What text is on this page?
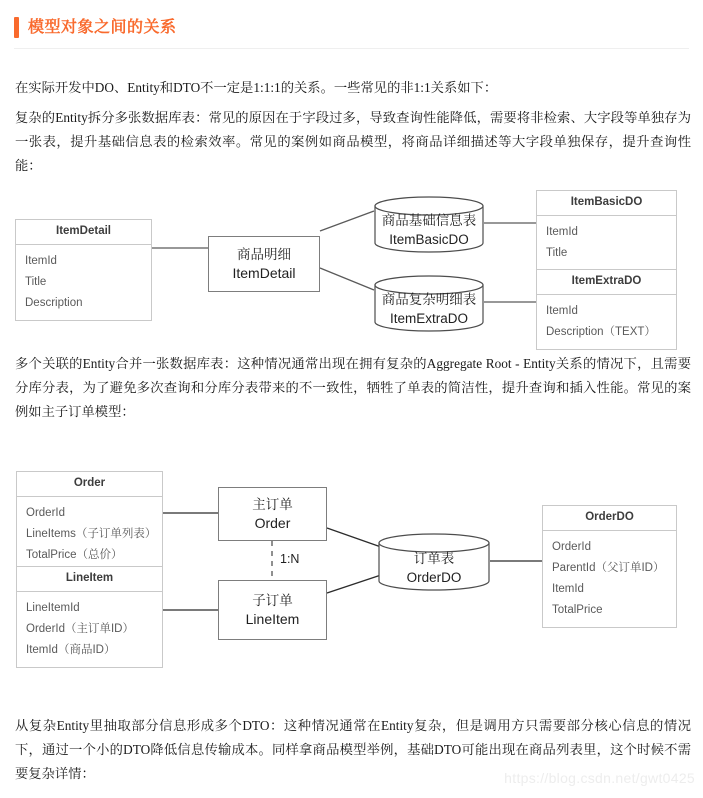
模型对象之间的关系
在实际开发中DO、Entity和DTO不一定是1:1:1的关系。一些常见的非1:1关系如下：
复杂的Entity拆分多张数据库表：常见的原因在于字段过多，导致查询性能降低，需要将非检索、大字段等单独存为一张表，提升基础信息表的检索效率。常见的案例如商品模型，将商品详细描述等大字段单独保存，提升查询性能：
多个关联的Entity合并一张数据库表：这种情况通常出现在拥有复杂的Aggregate Root - Entity关系的情况下，且需要分库分表，为了避免多次查询和分库分表带来的不一致性，牺牲了单表的简洁性，提升查询和插入性能。常见的案例如主子订单模型：
从复杂Entity里抽取部分信息形成多个DTO：这种情况通常在Entity复杂，但是调用方只需要部分核心信息的情况下，通过一个小的DTO降低信息传输成本。同样拿商品模型举例，基础DTO可能出现在商品列表里，这个时候不需要复杂详情：
ItemDetail
ItemId
Title
Description
商品明细
ItemDetail
商品基础信息表
ItemBasicDO
商品复杂明细表
ItemExtraDO
ItemBasicDO
ItemId
Title
ItemExtraDO
ItemId
Description（TEXT）
Order
OrderId
LineItems（子订单列表）
TotalPrice（总价）
LineItem
LineItemId
OrderId（主订单ID）
ItemId（商品ID）
主订单
Order
1:N
子订单
LineItem
订单表
OrderDO
OrderDO
OrderId
ParentId（父订单ID）
ItemId
TotalPrice
https://blog.csdn.net/gwt0425
